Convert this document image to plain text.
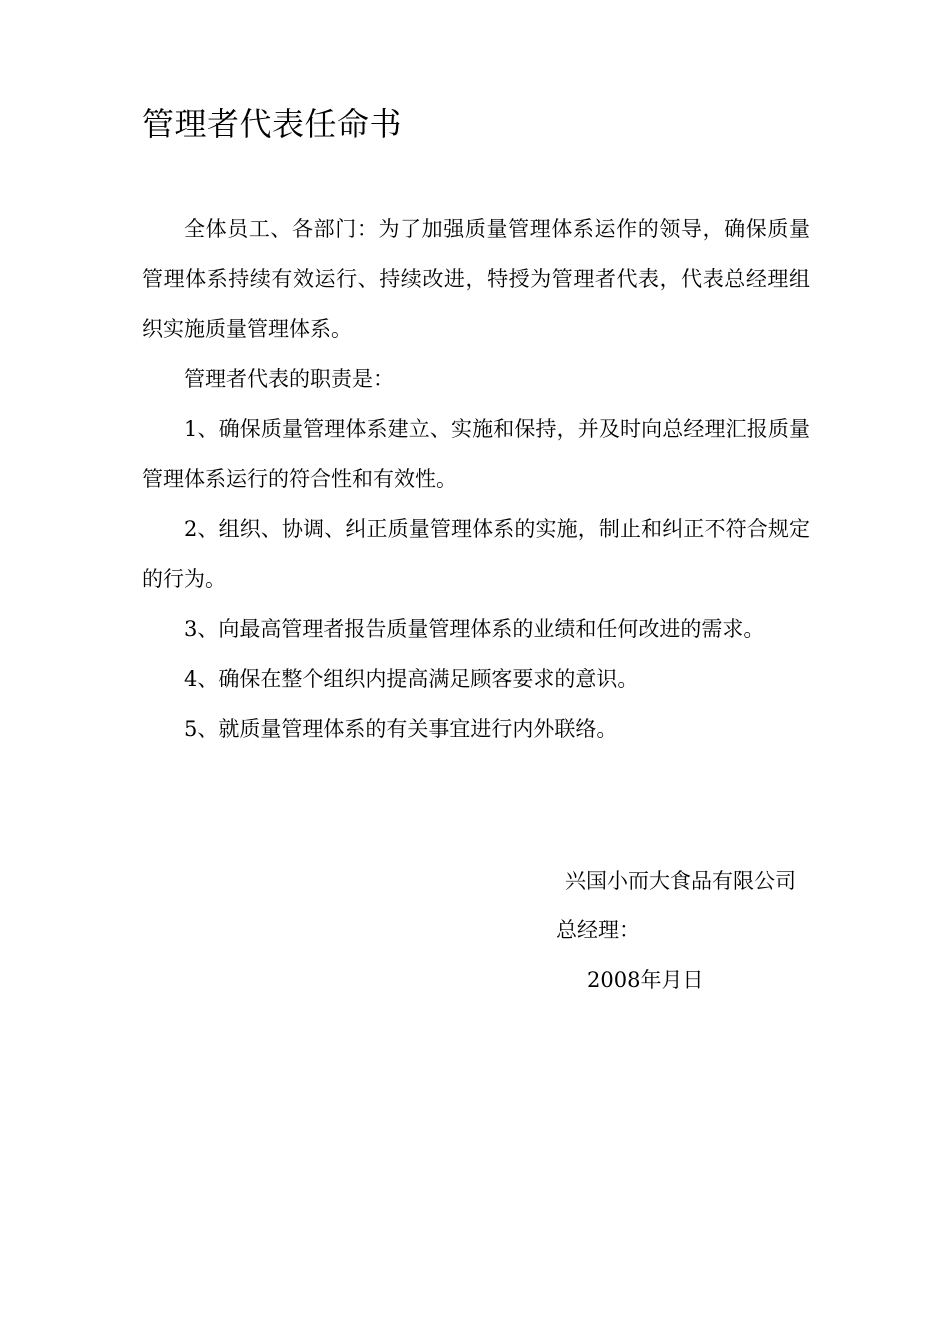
管理者代表任命书

全体员工、各部门：为了加强质量管理体系运作的领导，确保质量管理体系持续有效运行、持续改进，特授为管理者代表，代表总经理组织实施质量管理体系。

管理者代表的职责是：

1、确保质量管理体系建立、实施和保持，并及时向总经理汇报质量管理体系运行的符合性和有效性。

2、组织、协调、纠正质量管理体系的实施，制止和纠正不符合规定的行为。

3、向最高管理者报告质量管理体系的业绩和任何改进的需求。

4、确保在整个组织内提高满足顾客要求的意识。

5、就质量管理体系的有关事宜进行内外联络。

兴国小而大食品有限公司
总经理：
2008年月日
